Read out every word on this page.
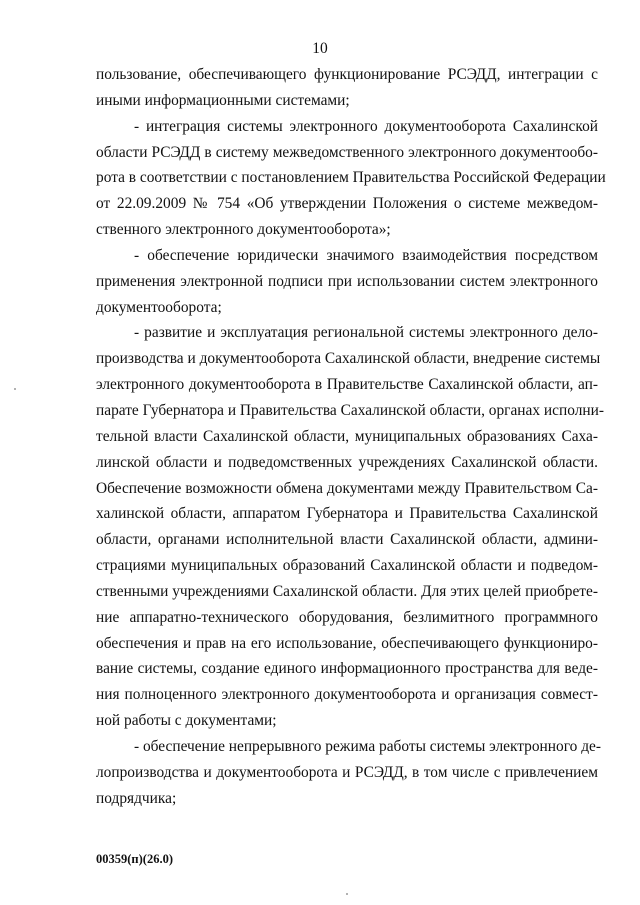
10
пользование, обеспечивающего функционирование РСЭДД, интеграции с
иными информационными системами;
- интеграция системы электронного документооборота Сахалинской
области РСЭДД в систему межведомственного электронного документообо-
рота в соответствии с постановлением Правительства Российской Федерации
от 22.09.2009 № 754 «Об утверждении Положения о системе межведом-
ственного электронного документооборота»;
- обеспечение юридически значимого взаимодействия посредством
применения электронной подписи при использовании систем электронного
документооборота;
- развитие и эксплуатация региональной системы электронного дело-
производства и документооборота Сахалинской области, внедрение системы
электронного документооборота в Правительстве Сахалинской области, ап-
парате Губернатора и Правительства Сахалинской области, органах исполни-
тельной власти Сахалинской области, муниципальных образованиях Саха-
линской области и подведомственных учреждениях Сахалинской области.
Обеспечение возможности обмена документами между Правительством Са-
халинской области, аппаратом Губернатора и Правительства Сахалинской
области, органами исполнительной власти Сахалинской области, админи-
страциями муниципальных образований Сахалинской области и подведом-
ственными учреждениями Сахалинской области. Для этих целей приобрете-
ние аппаратно-технического оборудования, безлимитного программного
обеспечения и прав на его использование, обеспечивающего функциониро-
вание системы, создание единого информационного пространства для веде-
ния полноценного электронного документооборота и организация совмест-
ной работы с документами;
- обеспечение непрерывного режима работы системы электронного де-
лопроизводства и документооборота и РСЭДД, в том числе с привлечением
подрядчика;
00359(п)(26.0)
